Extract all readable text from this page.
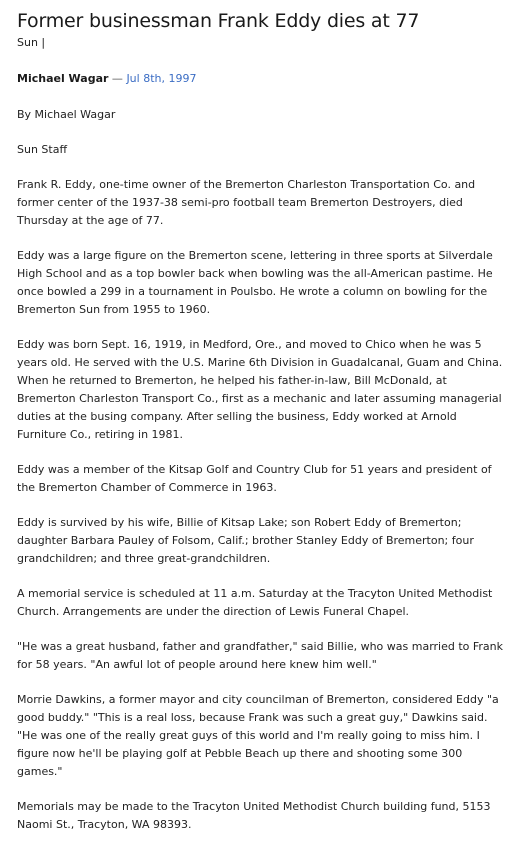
Former businessman Frank Eddy dies at 77
Sun |
Michael Wagar — Jul 8th, 1997

By Michael Wagar

Sun Staff

Frank R. Eddy, one-time owner of the Bremerton Charleston Transportation Co. and former center of the 1937-38 semi-pro football team Bremerton Destroyers, died Thursday at the age of 77.

Eddy was a large figure on the Bremerton scene, lettering in three sports at Silverdale High School and as a top bowler back when bowling was the all-American pastime. He once bowled a 299 in a tournament in Poulsbo. He wrote a column on bowling for the Bremerton Sun from 1955 to 1960.

Eddy was born Sept. 16, 1919, in Medford, Ore., and moved to Chico when he was 5 years old. He served with the U.S. Marine 6th Division in Guadalcanal, Guam and China. When he returned to Bremerton, he helped his father-in-law, Bill McDonald, at Bremerton Charleston Transport Co., first as a mechanic and later assuming managerial duties at the busing company. After selling the business, Eddy worked at Arnold Furniture Co., retiring in 1981.

Eddy was a member of the Kitsap Golf and Country Club for 51 years and president of the Bremerton Chamber of Commerce in 1963.

Eddy is survived by his wife, Billie of Kitsap Lake; son Robert Eddy of Bremerton; daughter Barbara Pauley of Folsom, Calif.; brother Stanley Eddy of Bremerton; four grandchildren; and three great-grandchildren.

A memorial service is scheduled at 11 a.m. Saturday at the Tracyton United Methodist Church. Arrangements are under the direction of Lewis Funeral Chapel.

"He was a great husband, father and grandfather," said Billie, who was married to Frank for 58 years. "An awful lot of people around here knew him well."

Morrie Dawkins, a former mayor and city councilman of Bremerton, considered Eddy "a good buddy." "This is a real loss, because Frank was such a great guy," Dawkins said. "He was one of the really great guys of this world and I'm really going to miss him. I figure now he'll be playing golf at Pebble Beach up there and shooting some 300 games."

Memorials may be made to the Tracyton United Methodist Church building fund, 5153 Naomi St., Tracyton, WA 98393.
